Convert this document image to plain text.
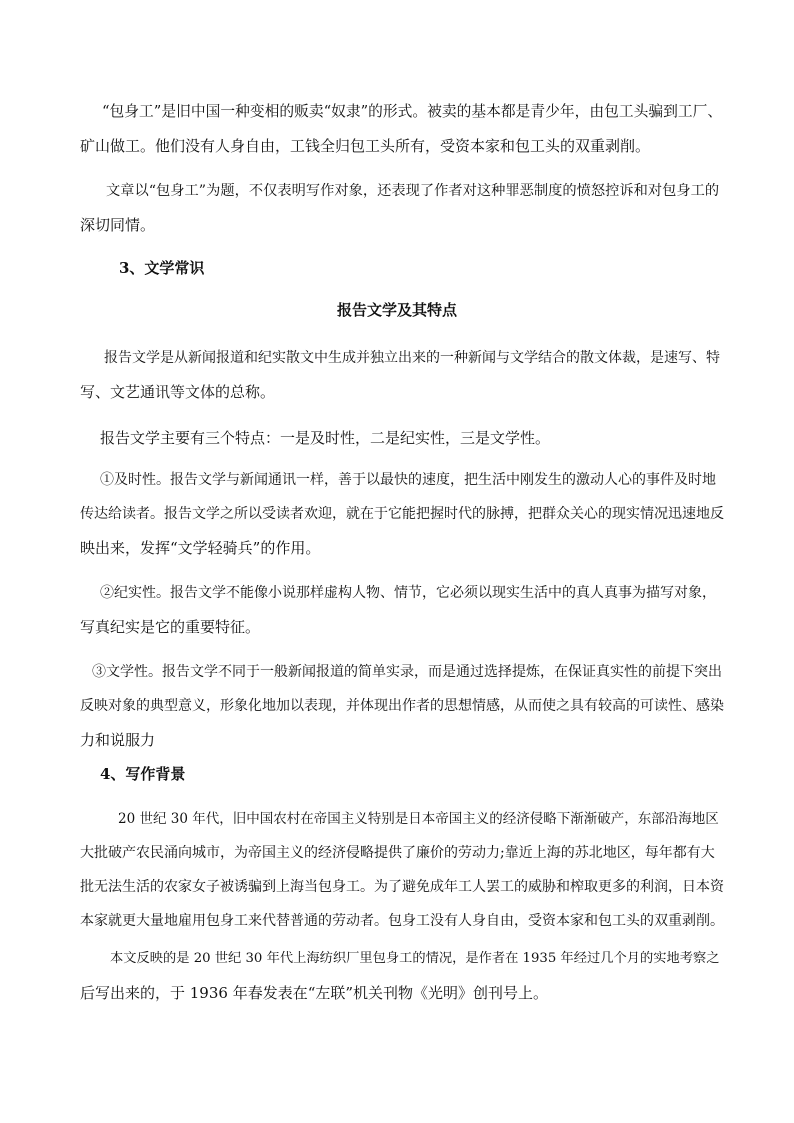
“包身工”是旧中国一种变相的贩卖“奴隶”的形式。被卖的基本都是青少年，由包工头骗到工厂、
矿山做工。他们没有人身自由，工钱全归包工头所有，受资本家和包工头的双重剥削。
文章以“包身工”为题，不仅表明写作对象，还表现了作者对这种罪恶制度的愤怒控诉和对包身工的
深切同情。
3、文学常识
报告文学及其特点
报告文学是从新闻报道和纪实散文中生成并独立出来的一种新闻与文学结合的散文体裁，是速写、特
写、文艺通讯等文体的总称。
报告文学主要有三个特点：一是及时性，二是纪实性，三是文学性。
①及时性。报告文学与新闻通讯一样，善于以最快的速度，把生活中刚发生的激动人心的事件及时地
传达给读者。报告文学之所以受读者欢迎，就在于它能把握时代的脉搏，把群众关心的现实情况迅速地反
映出来，发挥“文学轻骑兵”的作用。
②纪实性。报告文学不能像小说那样虚构人物、情节，它必须以现实生活中的真人真事为描写对象，
写真纪实是它的重要特征。
③文学性。报告文学不同于一般新闻报道的简单实录，而是通过选择提炼，在保证真实性的前提下突出
反映对象的典型意义，形象化地加以表现，并体现出作者的思想情感，从而使之具有较高的可读性、感染
力和说服力
4、写作背景
20 世纪 30 年代，旧中国农村在帝国主义特别是日本帝国主义的经济侵略下渐渐破产，东部沿海地区
大批破产农民涌向城市，为帝国主义的经济侵略提供了廉价的劳动力;靠近上海的苏北地区，每年都有大
批无法生活的农家女子被诱骗到上海当包身工。为了避免成年工人罢工的威胁和榨取更多的利润，日本资
本家就更大量地雇用包身工来代替普通的劳动者。包身工没有人身自由，受资本家和包工头的双重剥削。
本文反映的是 20 世纪 30 年代上海纺织厂里包身工的情况，是作者在 1935 年经过几个月的实地考察之
后写出来的，于 1936 年春发表在“左联”机关刊物《光明》创刊号上。
